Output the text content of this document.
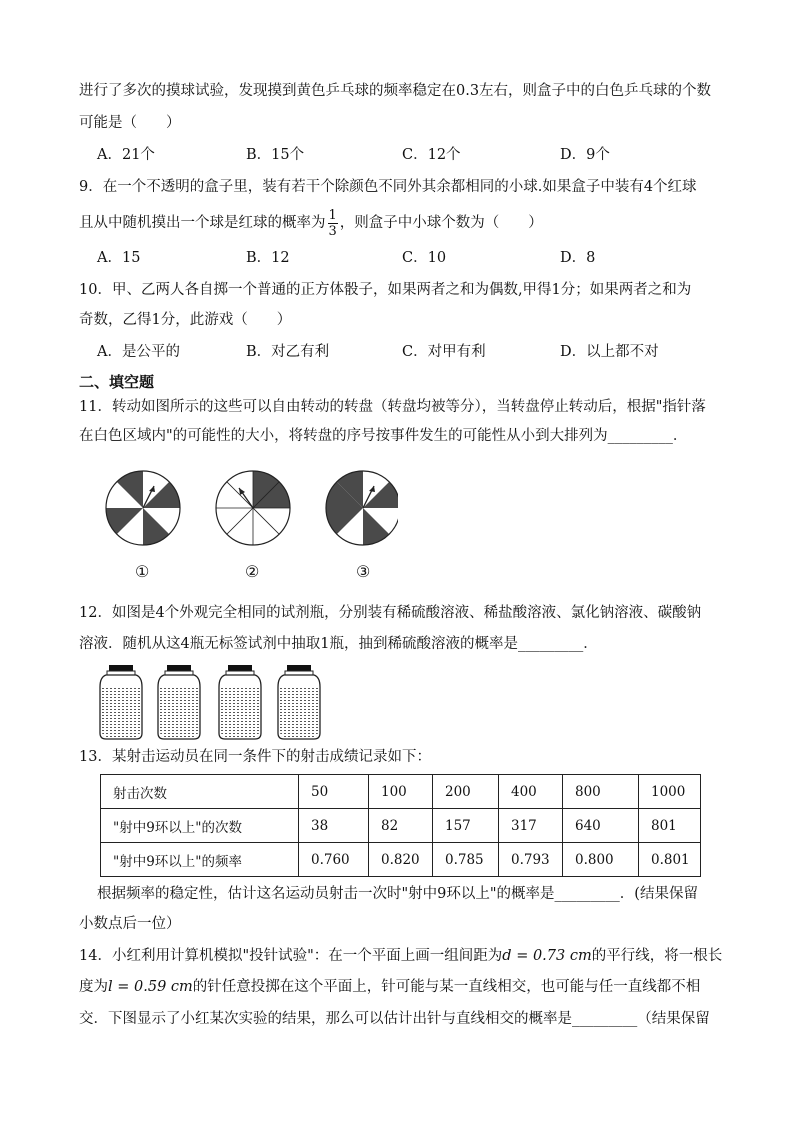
进行了多次的摸球试验，发现摸到黄色乒乓球的频率稳定在0.3左右，则盒子中的白色乒乓球的个数
可能是（　　）
A．21个	B．15个	C．12个	D．9个
9．在一个不透明的盒子里，装有若干个除颜色不同外其余都相同的小球.如果盒子中装有4个红球
且从中随机摸出一个球是红球的概率为 $\frac{1}{3}$ ，则盒子中小球个数为（　　）
A．15	B．12	C．10	D．8
10．甲、乙两人各自掷一个普通的正方体骰子，如果两者之和为偶数,甲得1分；如果两者之和为
奇数，乙得1分，此游戏（　　）
A．是公平的	B．对乙有利	C．对甲有利	D．以上都不对
二、填空题
11．转动如图所示的这些可以自由转动的转盘（转盘均被等分），当转盘停止转动后，根据"指针落
在白色区域内"的可能性的大小，将转盘的序号按事件发生的可能性从小到大排列为_________．
①	②	③
12．如图是4个外观完全相同的试剂瓶，分别装有稀硫酸溶液、稀盐酸溶液、氯化钠溶液、碳酸钠
溶液．随机从这4瓶无标签试剂中抽取1瓶，抽到稀硫酸溶液的概率是_________．
13．某射击运动员在同一条件下的射击成绩记录如下：
射击次数	50	100	200	400	800	1000
"射中9环以上"的次数	38	82	157	317	640	801
"射中9环以上"的频率	0.760	0.820	0.785	0.793	0.800	0.801
根据频率的稳定性，估计这名运动员射击一次时"射中9环以上"的概率是_________．(结果保留
小数点后一位）
14．小红利用计算机模拟"投针试验"：在一个平面上画一组间距为d = 0.73 cm的平行线，将一根长
度为l = 0.59 cm的针任意投掷在这个平面上，针可能与某一直线相交，也可能与任一直线都不相
交．下图显示了小红某次实验的结果，那么可以估计出针与直线相交的概率是_________（结果保留
